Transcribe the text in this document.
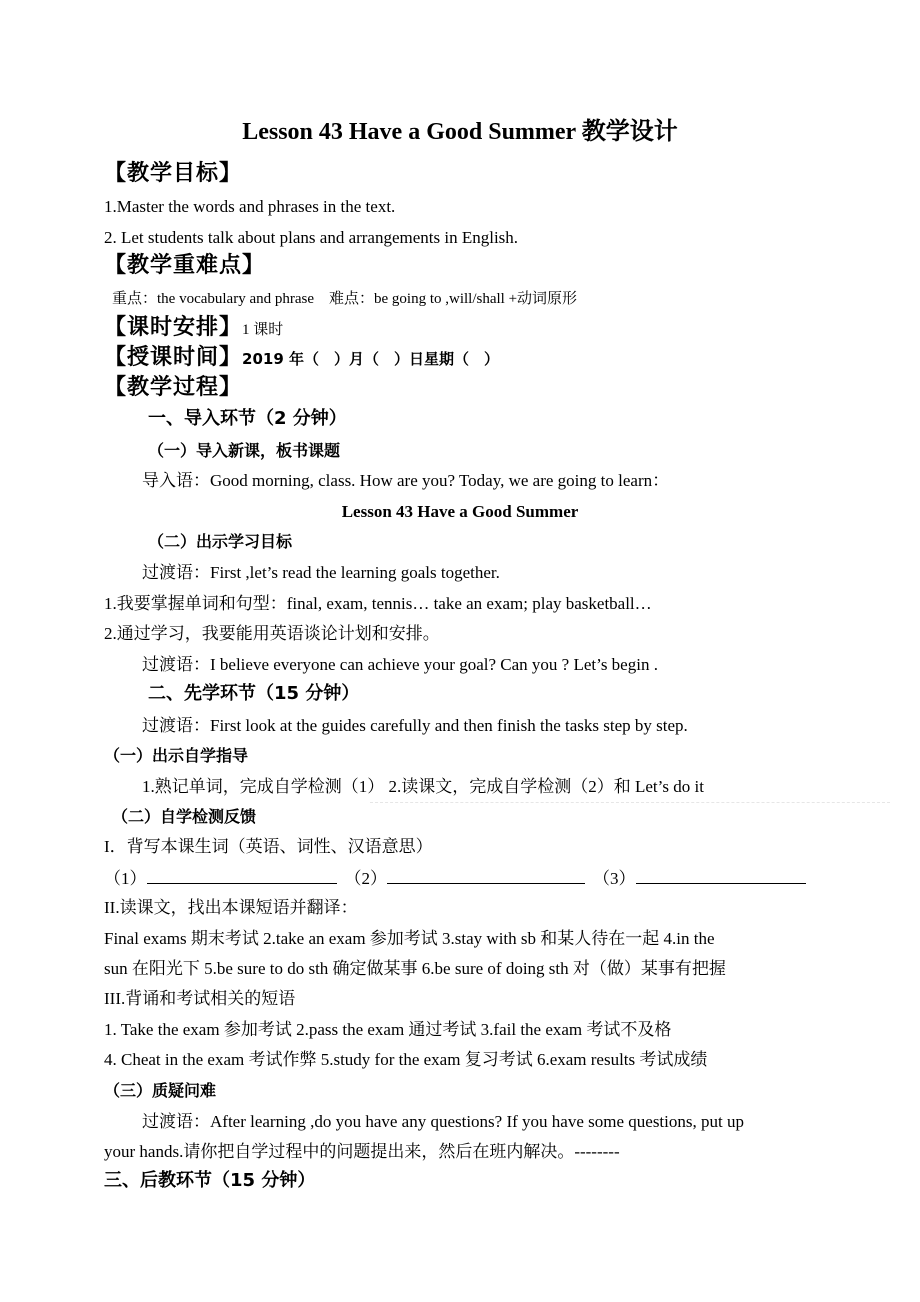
Lesson 43 Have a Good Summer 教学设计
【教学目标】
1.Master the words and phrases in the text.
2. Let students talk about plans and arrangements in English.
【教学重难点】
重点：the vocabulary and phrase　难点：be going to ,will/shall +动词原形
【课时安排】1 课时
【授课时间】2019 年（　）月（　）日星期（　）
【教学过程】
一、导入环节（2 分钟）
（一）导入新课，板书课题
导入语：Good morning, class. How are you? Today, we are going to learn：
Lesson 43 Have a Good Summer
（二）出示学习目标
过渡语：First ,let’s read the learning goals together.
1.我要掌握单词和句型：final, exam, tennis… take an exam; play basketball…
2.通过学习，我要能用英语谈论计划和安排。
过渡语：I believe everyone can achieve your goal? Can you ? Let’s begin .
二、先学环节（15 分钟）
过渡语：First look at the guides carefully and then finish the tasks step by step.
（一）出示自学指导
1.熟记单词，完成自学检测（1） 2.读课文，完成自学检测（2）和 Let’s do it
（二）自学检测反馈
I．背写本课生词（英语、词性、汉语意思）
（1）	（2）	（3）
II.读课文，找出本课短语并翻译：
Final exams 期末考试 2.take an exam 参加考试 3.stay with sb 和某人待在一起 4.in the
sun 在阳光下 5.be sure to do sth 确定做某事 6.be sure of doing sth 对（做）某事有把握
III.背诵和考试相关的短语
1. Take the exam 参加考试 2.pass the exam 通过考试 3.fail the exam 考试不及格
4. Cheat in the exam 考试作弊 5.study for the exam 复习考试 6.exam results 考试成绩
（三）质疑问难
过渡语：After learning ,do you have any questions? If you have some questions, put up
your hands.请你把自学过程中的问题提出来，然后在班内解决。--------
三、后教环节（15 分钟）
